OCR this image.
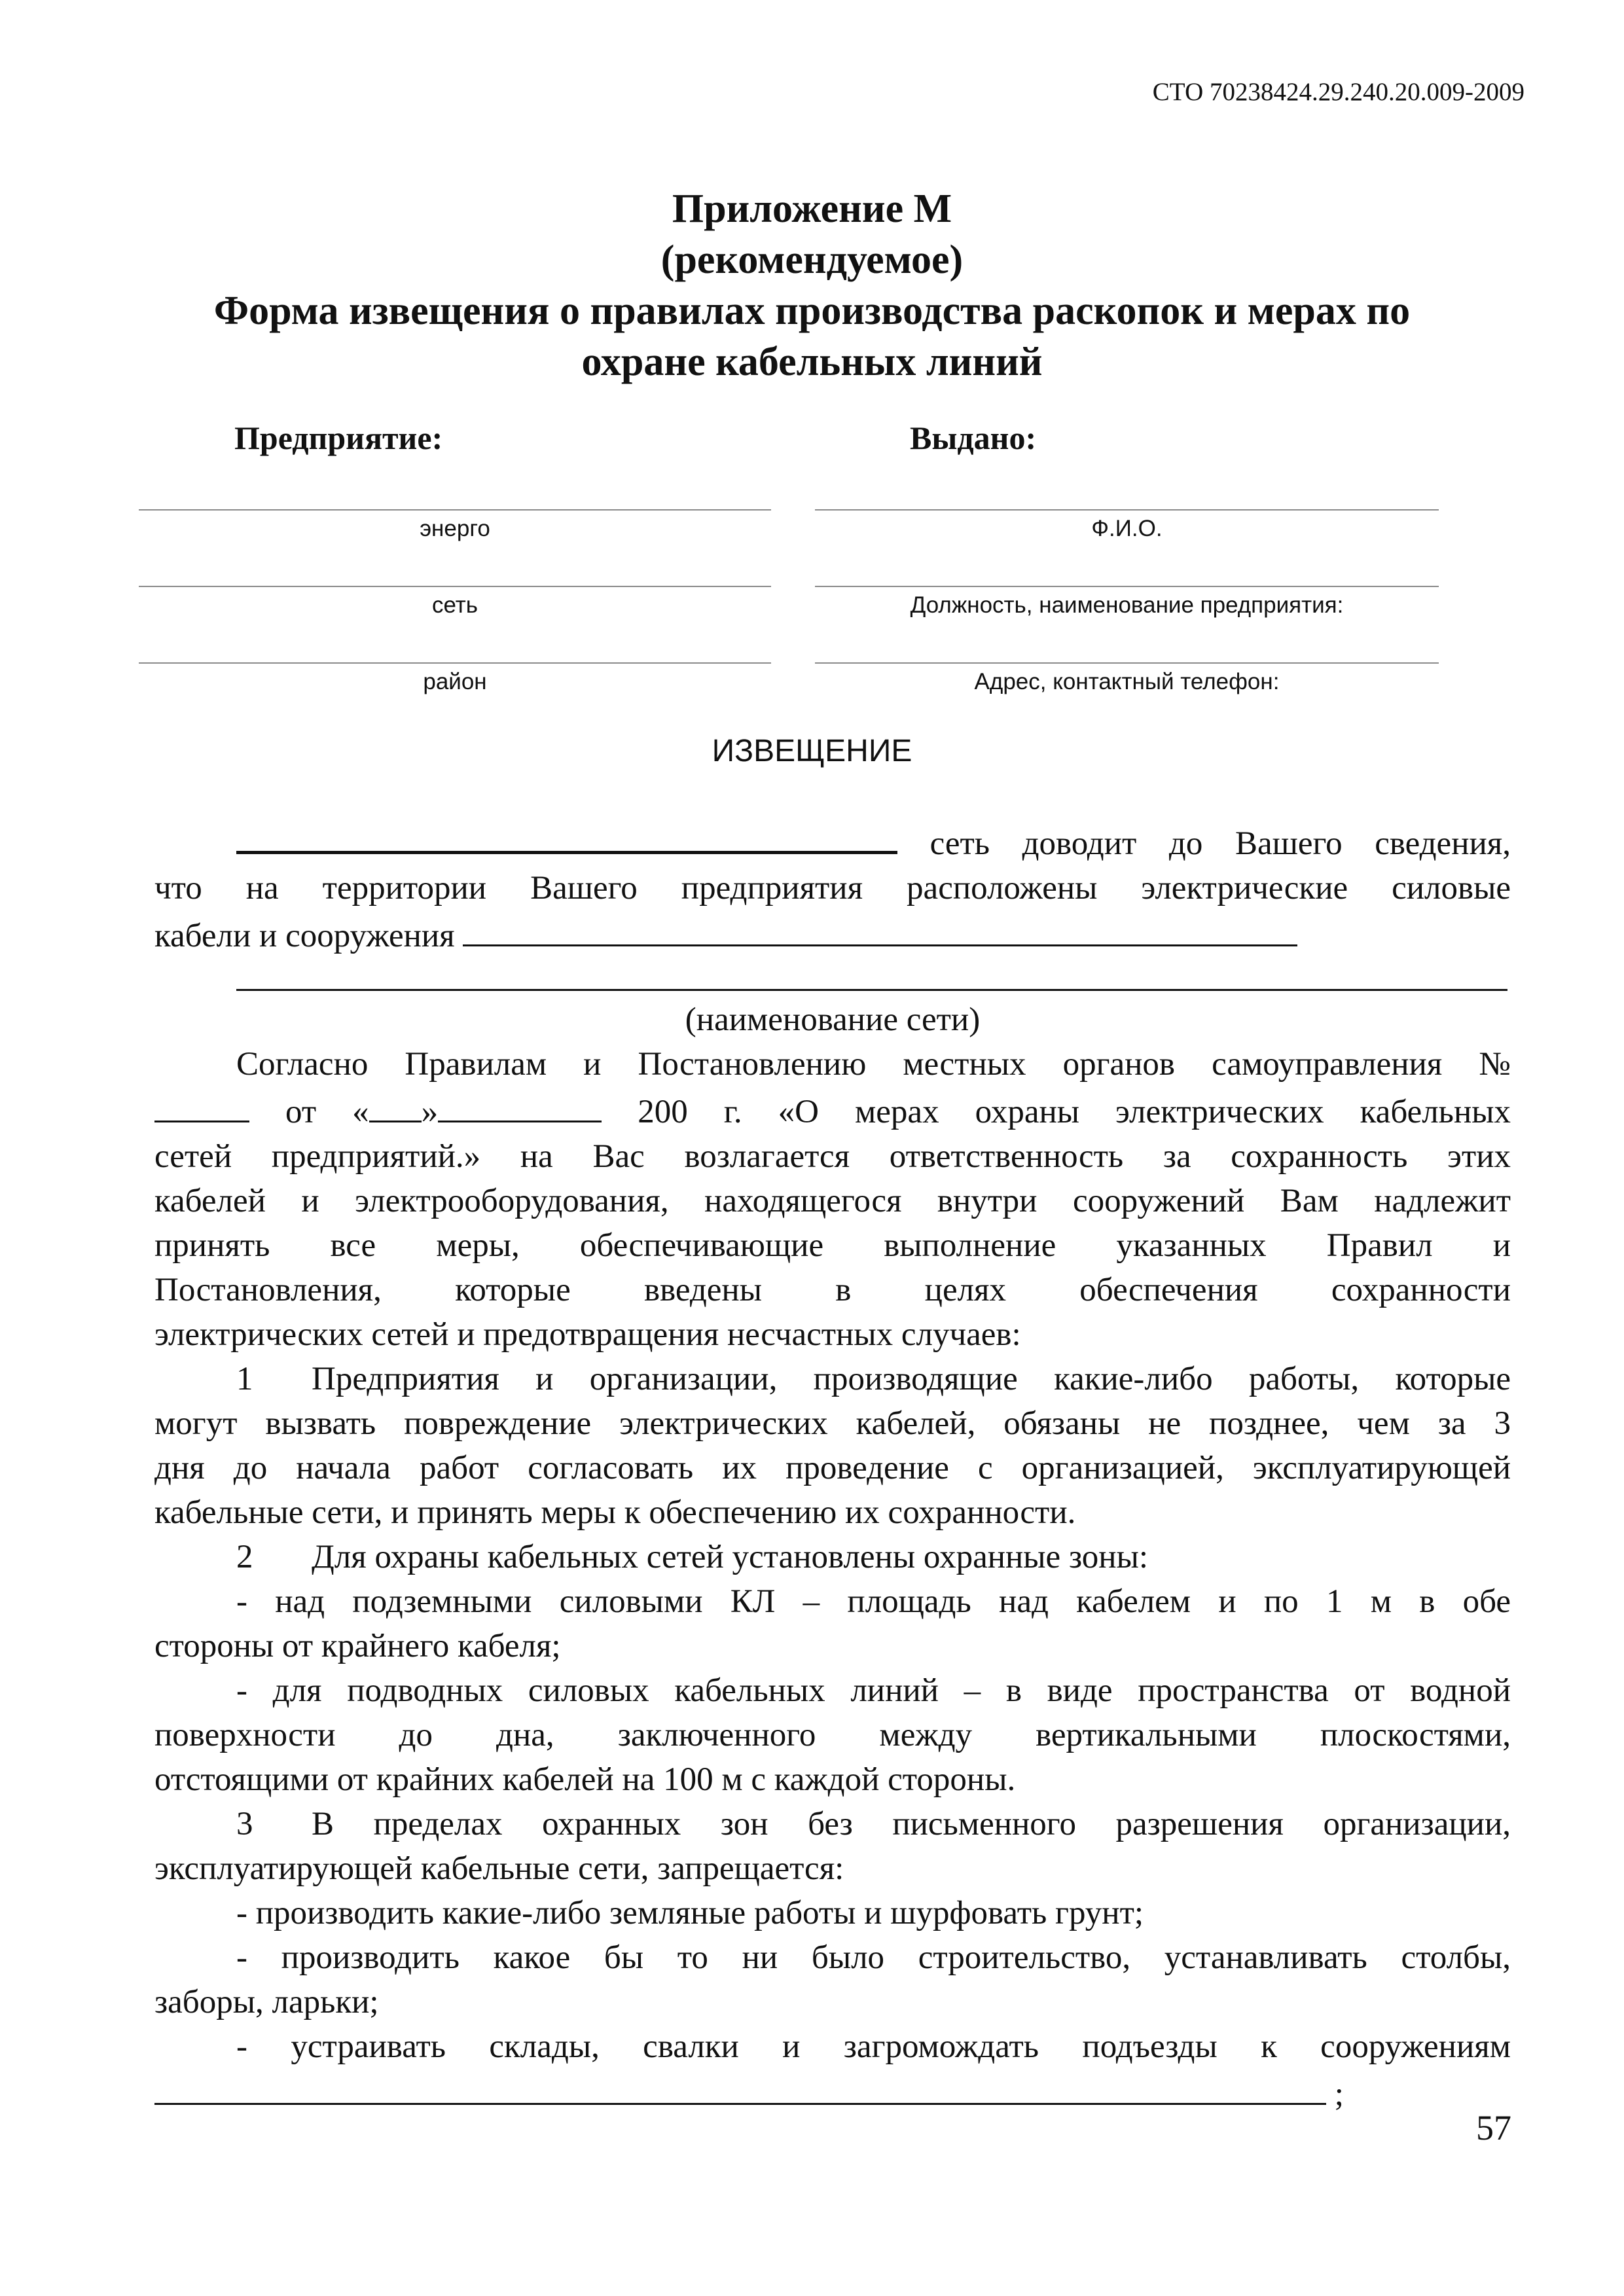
СТО 70238424.29.240.20.009-2009
Приложение М
(рекомендуемое)
Форма извещения о правилах производства раскопок и мерах по
охране кабельных линий
Предприятие:	Выдано:
энерго	Ф.И.О.
сеть	Должность, наименование предприятия:
район	Адрес, контактный телефон:
ИЗВЕЩЕНИЕ
сеть доводит до Вашего сведения,
что на территории Вашего предприятия расположены электрические силовые
кабели и сооружения
(наименование сети)
Согласно Правилам и Постановлению местных органов самоуправления №
от « »	200 г. «О мерах охраны электрических кабельных
сетей предприятий.» на Вас возлагается ответственность за сохранность этих
кабелей и электрооборудования, находящегося внутри сооружений Вам надлежит
принять все меры, обеспечивающие выполнение указанных Правил и
Постановления, которые введены в целях обеспечения сохранности
электрических сетей и предотвращения несчастных случаев:
1 Предприятия и организации, производящие какие-либо работы, которые
могут вызвать повреждение электрических кабелей, обязаны не позднее, чем за 3
дня до начала работ согласовать их проведение с организацией, эксплуатирующей
кабельные сети, и принять меры к обеспечению их сохранности.
2 Для охраны кабельных сетей установлены охранные зоны:
- над подземными силовыми КЛ – площадь над кабелем и по 1 м в обе
стороны от крайнего кабеля;
- для подводных силовых кабельных линий – в виде пространства от водной
поверхности до дна, заключенного между вертикальными плоскостями,
отстоящими от крайних кабелей на 100 м с каждой стороны.
3 В пределах охранных зон без письменного разрешения организации,
эксплуатирующей кабельные сети, запрещается:
- производить какие-либо земляные работы и шурфовать грунт;
- производить какое бы то ни было строительство, устанавливать столбы,
заборы, ларьки;
- устраивать склады, свалки и загромождать подъезды к сооружениям
;
57
